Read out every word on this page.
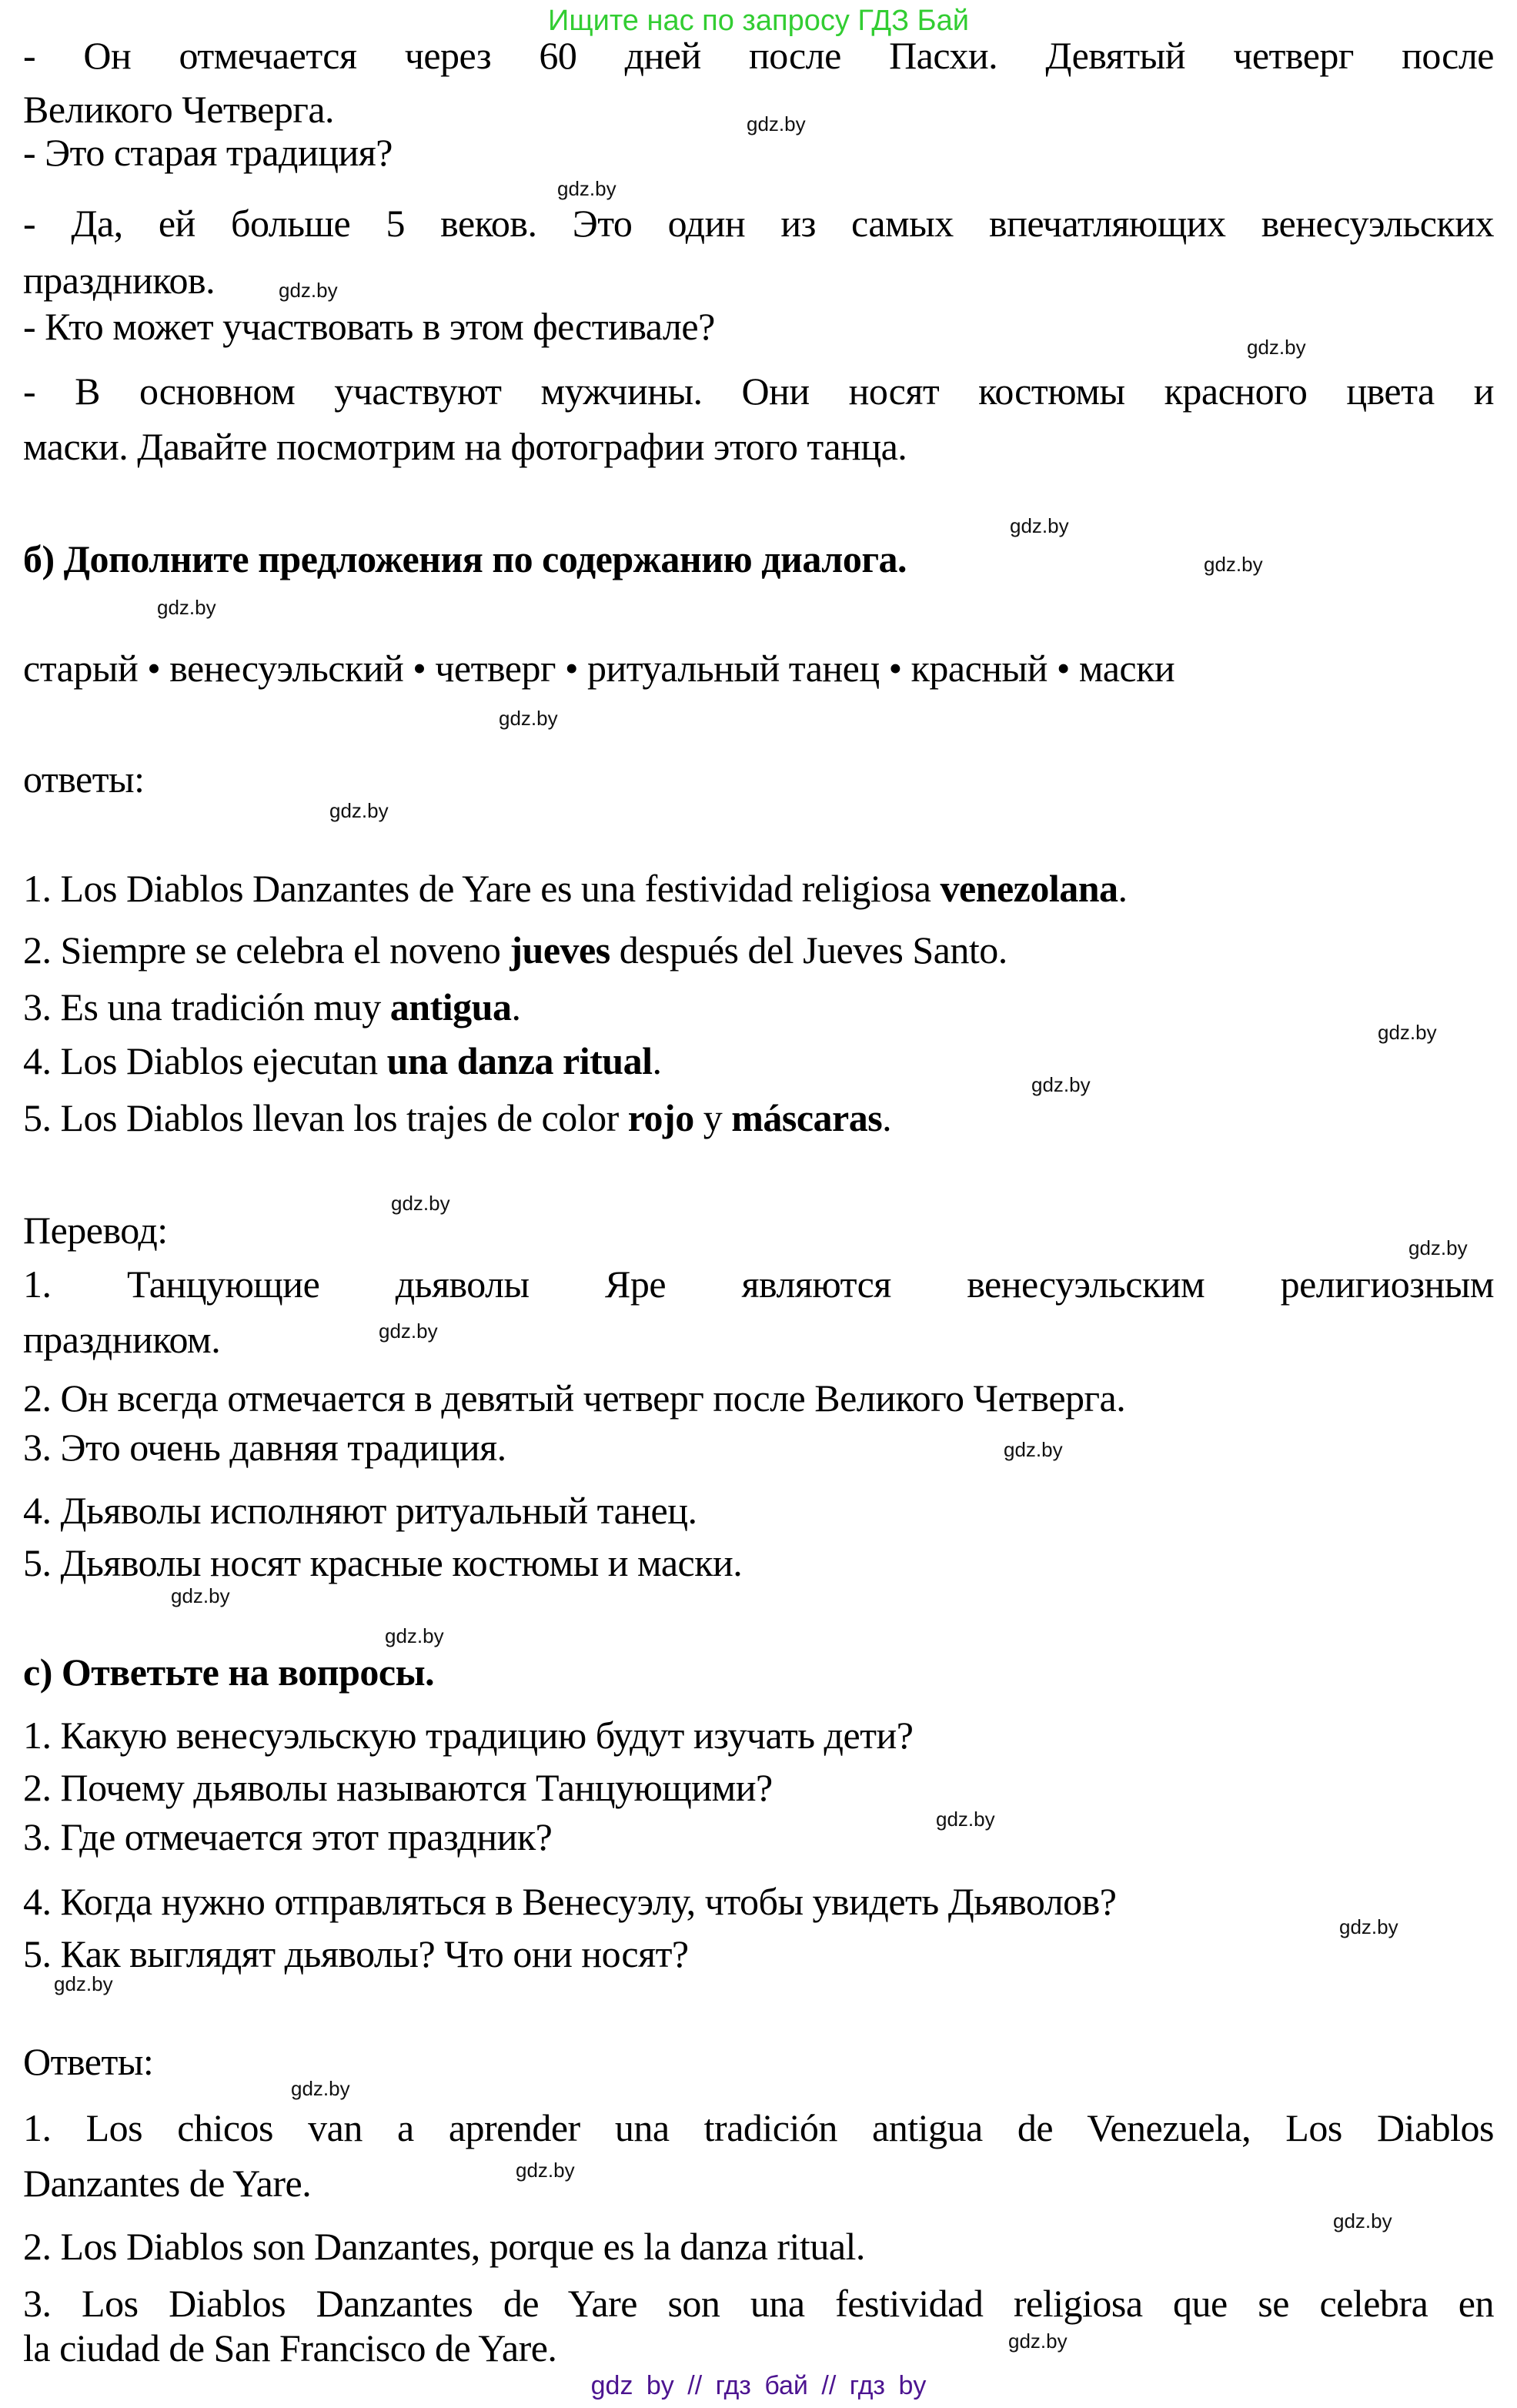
Ищите нас по запросу ГДЗ Бай
- Он отмечается через 60 дней после Пасхи. Девятый четверг после
Великого Четверга.
- Это старая традиция?
- Да, ей больше 5 веков. Это один из самых впечатляющих венесуэльских
праздников.
- Кто может участвовать в этом фестивале?
- В основном участвуют мужчины. Они носят костюмы красного цвета и
маски. Давайте посмотрим на фотографии этого танца.
б) Дополните предложения по содержанию диалога.
старый • венесуэльский • четверг • ритуальный танец • красный • маски
ответы:
1. Los Diablos Danzantes de Yare es una festividad religiosa venezolana.
2. Siempre se celebra el noveno jueves después del Jueves Santo.
3. Es una tradición muy antigua.
4. Los Diablos ejecutan una danza ritual.
5. Los Diablos llevan los trajes de color rojo y máscaras.
Перевод:
1. Танцующие дьяволы Яре являются венесуэльским религиозным
праздником.
2. Он всегда отмечается в девятый четверг после Великого Четверга.
3. Это очень давняя традиция.
4. Дьяволы исполняют ритуальный танец.
5. Дьяволы носят красные костюмы и маски.
с) Ответьте на вопросы.
1. Какую венесуэльскую традицию будут изучать дети?
2. Почему дьяволы называются Танцующими?
3. Где отмечается этот праздник?
4. Когда нужно отправляться в Венесуэлу, чтобы увидеть Дьяволов?
5. Как выглядят дьяволы? Что они носят?
Ответы:
1. Los chicos van a aprender una tradición antigua de Venezuela, Los Diablos
Danzantes de Yare.
2. Los Diablos son Danzantes, porque es la danza ritual.
3. Los Diablos Danzantes de Yare son una festividad religiosa que se celebra en
la ciudad de San Francisco de Yare.
gdz.by
gdz.by
gdz.by
gdz.by
gdz.by
gdz.by
gdz.by
gdz.by
gdz.by
gdz.by
gdz.by
gdz.by
gdz.by
gdz.by
gdz.by
gdz.by
gdz.by
gdz.by
gdz.by
gdz.by
gdz.by
gdz.by
gdz.by
gdz.by
gdz by // гдз бай // гдз by
